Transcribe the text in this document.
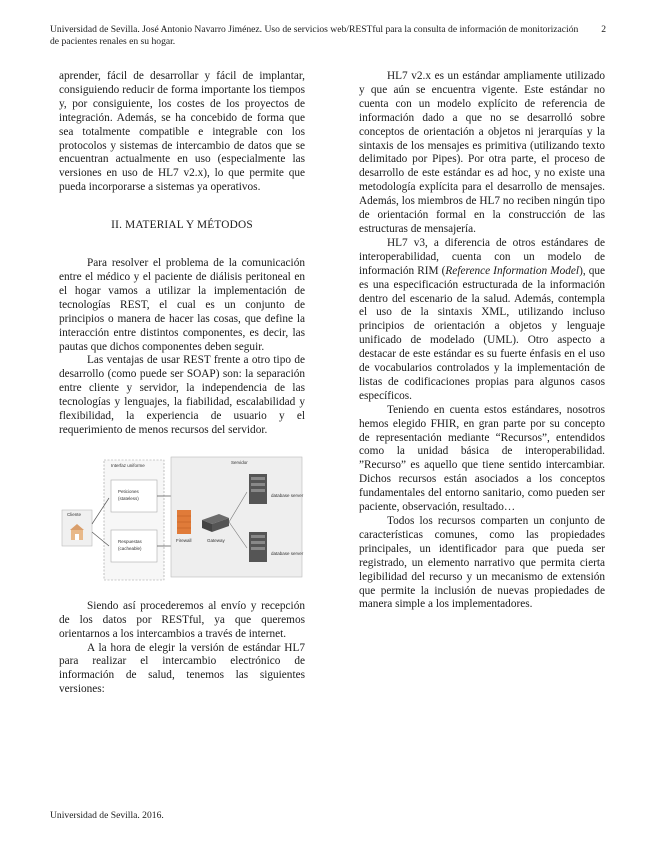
Universidad de Sevilla. José Antonio Navarro Jiménez. Uso de servicios web/RESTful para la consulta de información de monitorización de pacientes renales en su hogar.
2

aprender, fácil de desarrollar y fácil de implantar, consiguiendo reducir de forma importante los tiempos y, por consiguiente, los costes de los proyectos de integración. Además, se ha concebido de forma que sea totalmente compatible e integrable con los protocolos y sistemas de intercambio de datos que se encuentran actualmente en uso (especialmente las versiones en uso de HL7 v2.x), lo que permite que pueda incorporarse a sistemas ya operativos.

II. MATERIAL Y MÉTODOS

Para resolver el problema de la comunicación entre el médico y el paciente de diálisis peritoneal en el hogar vamos a utilizar la implementación de tecnologías REST, el cual es un conjunto de principios o manera de hacer las cosas, que define la interacción entre distintos componentes, es decir, las pautas que dichos componentes deben seguir.

Las ventajas de usar REST frente a otro tipo de desarrollo (como puede ser SOAP) son: la separación entre cliente y servidor, la independencia de las tecnologías y lenguajes, la fiabilidad, escalabilidad y flexibilidad, la experiencia de usuario y el requerimiento de menos recursos del servidor.

Cliente
Interfaz uniforme
Peticiones
(stateless)
Respuestas
(cacheable)
Servidor
Firewall	Gateway
database server
database server

Siendo así procederemos al envío y recepción de los datos por RESTful, ya que queremos orientarnos a los intercambios a través de internet.

A la hora de elegir la versión de estándar HL7 para realizar el intercambio electrónico de información de salud, tenemos las siguientes versiones:

HL7 v2.x es un estándar ampliamente utilizado y que aún se encuentra vigente. Este estándar no cuenta con un modelo explícito de referencia de información dado a que no se desarrolló sobre conceptos de orientación a objetos ni jerarquías y la sintaxis de los mensajes es primitiva (utilizando texto delimitado por Pipes). Por otra parte, el proceso de desarrollo de este estándar es ad hoc, y no existe una metodología explícita para el desarrollo de mensajes. Además, los miembros de HL7 no reciben ningún tipo de orientación formal en la construcción de las estructuras de mensajería.

HL7 v3, a diferencia de otros estándares de interoperabilidad, cuenta con un modelo de información RIM (Reference Information Model), que es una especificación estructurada de la información dentro del escenario de la salud. Además, contempla el uso de la sintaxis XML, utilizando incluso principios de orientación a objetos y lenguaje unificado de modelado (UML). Otro aspecto a destacar de este estándar es su fuerte énfasis en el uso de vocabularios controlados y la implementación de listas de codificaciones propias para algunos casos específicos.

Teniendo en cuenta estos estándares, nosotros hemos elegido FHIR, en gran parte por su concepto de representación mediante “Recursos”, entendidos como la unidad básica de interoperabilidad. ”Recurso” es aquello que tiene sentido intercambiar. Dichos recursos están asociados a los conceptos fundamentales del entorno sanitario, como pueden ser paciente, observación, resultado…

Todos los recursos comparten un conjunto de características comunes, como las propiedades principales, un identificador para que pueda ser registrado, un elemento narrativo que permita cierta legibilidad del recurso y un mecanismo de extensión que permite la inclusión de nuevas propiedades de manera simple a los implementadores.

Universidad de Sevilla. 2016.
